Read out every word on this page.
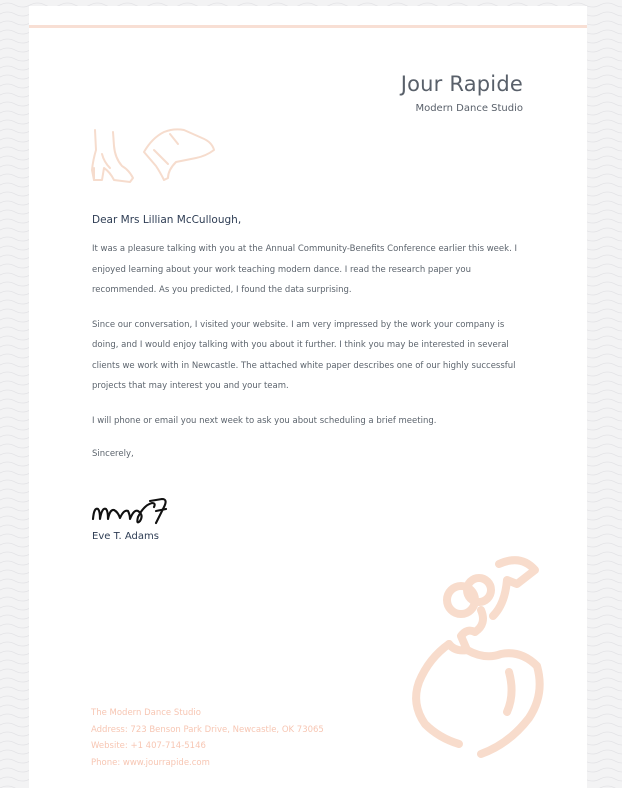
Jour Rapide
Modern Dance Studio
Dear Mrs Lillian McCullough,

It was a pleasure talking with you at the Annual Community-Benefits Conference earlier this week. I enjoyed learning about your work teaching modern dance. I read the research paper you recommended. As you predicted, I found the data surprising.

Since our conversation, I visited your website. I am very impressed by the work your company is doing, and I would enjoy talking with you about it further. I think you may be interested in several clients we work with in Newcastle. The attached white paper describes one of our highly successful projects that may interest you and your team.

I will phone or email you next week to ask you about scheduling a brief meeting.

Sincerely,
Eve T. Adams
The Modern Dance Studio
Address: 723 Benson Park Drive, Newcastle, OK 73065
Website: +1 407-714-5146
Phone: www.jourrapide.com
